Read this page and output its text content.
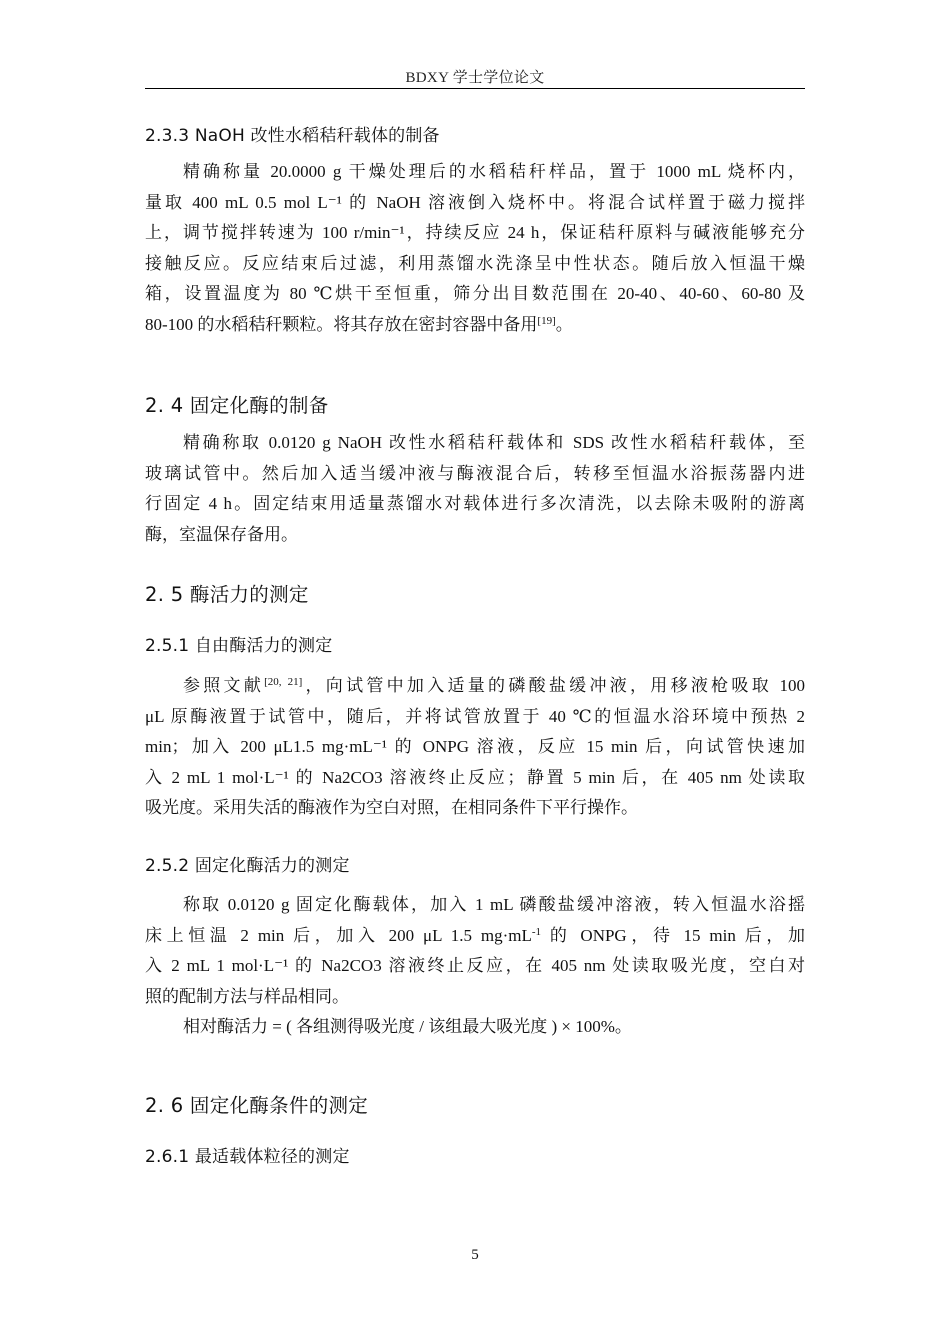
BDXY 学士学位论文
2.3.3 NaOH 改性水稻秸秆载体的制备
精确称量 20.0000 g 干燥处理后的水稻秸秆样品，置于 1000 mL 烧杯内，
量取 400 mL 0.5 mol L⁻¹ 的 NaOH 溶液倒入烧杯中。将混合试样置于磁力搅拌
上，调节搅拌转速为 100 r/min⁻¹，持续反应 24 h，保证秸秆原料与碱液能够充分
接触反应。反应结束后过滤，利用蒸馏水洗涤呈中性状态。随后放入恒温干燥
箱，设置温度为 80 ℃烘干至恒重，筛分出目数范围在 20-40、40-60、60-80 及
80-100 的水稻秸秆颗粒。将其存放在密封容器中备用[19]。
2. 4 固定化酶的制备
精确称取 0.0120 g NaOH 改性水稻秸秆载体和 SDS 改性水稻秸秆载体，至
玻璃试管中。然后加入适当缓冲液与酶液混合后，转移至恒温水浴振荡器内进
行固定 4 h。固定结束用适量蒸馏水对载体进行多次清洗，以去除未吸附的游离
酶，室温保存备用。
2. 5 酶活力的测定
2.5.1 自由酶活力的测定
参照文献[20, 21]，向试管中加入适量的磷酸盐缓冲液，用移液枪吸取 100
μL 原酶液置于试管中，随后，并将试管放置于 40 ℃的恒温水浴环境中预热 2
min；加入 200 μL1.5 mg·mL⁻¹ 的 ONPG 溶液，反应 15 min 后，向试管快速加
入 2 mL 1 mol·L⁻¹ 的 Na2CO3 溶液终止反应；静置 5 min 后，在 405 nm 处读取
吸光度。采用失活的酶液作为空白对照，在相同条件下平行操作。
2.5.2 固定化酶活力的测定
称取 0.0120 g 固定化酶载体，加入 1 mL 磷酸盐缓冲溶液，转入恒温水浴摇
床上恒温 2 min 后，加入 200 μL 1.5 $mg\cdot mL^{-1}$ 的 ONPG，待 15 min 后，加
入 2 mL 1 mol·L⁻¹ 的 Na2CO3 溶液终止反应，在 405 nm 处读取吸光度，空白对
照的配制方法与样品相同。
相对酶活力 = ( 各组测得吸光度 / 该组最大吸光度 ) × 100%。
2. 6 固定化酶条件的测定
2.6.1 最适载体粒径的测定
5
